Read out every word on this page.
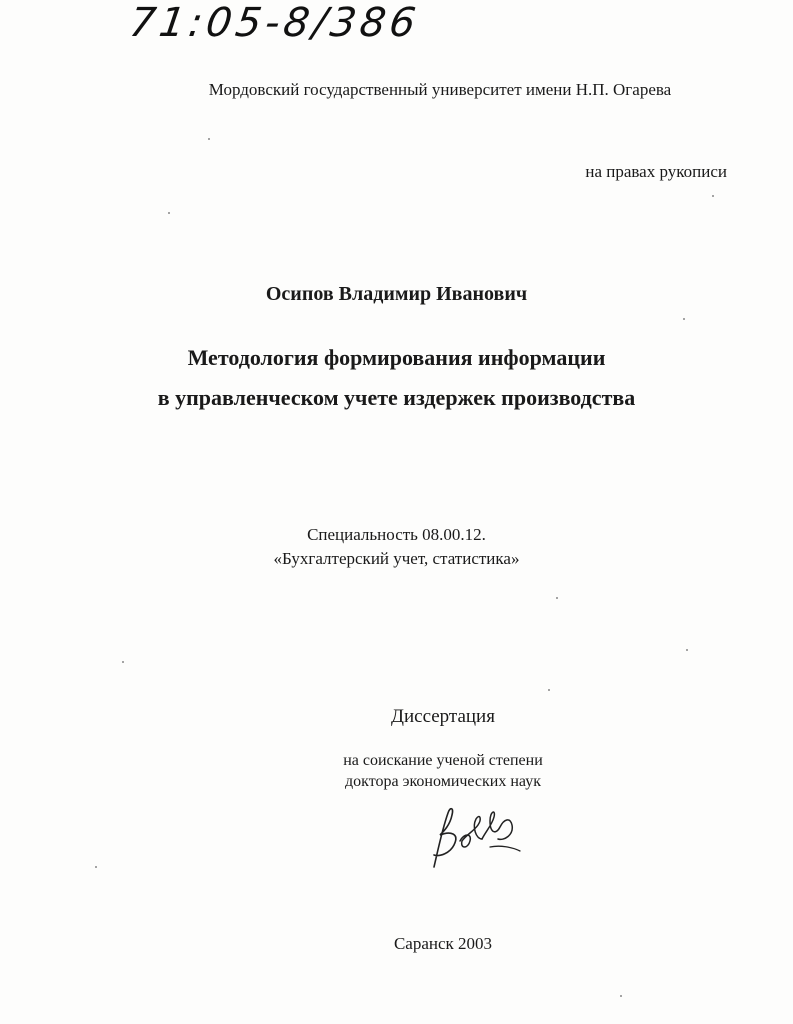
71:05-8/386
Мордовский государственный университет имени Н.П. Огарева
на правах рукописи
Осипов Владимир Иванович
Методология формирования информации
в управленческом учете издержек производства
Специальность 08.00.12.
«Бухгалтерский учет, статистика»
Диссертация
на соискание ученой степени
доктора экономических наук
Саранск 2003
